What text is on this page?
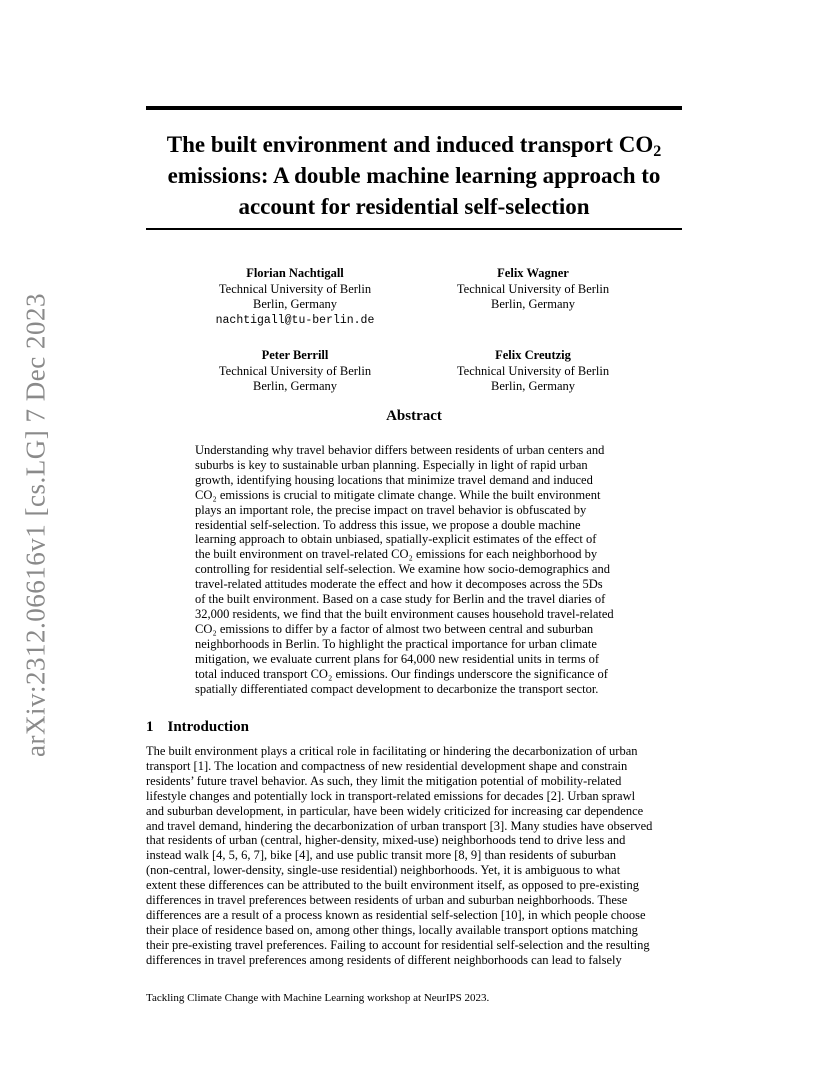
arXiv:2312.06616v1 [cs.LG] 7 Dec 2023
The built environment and induced transport $CO_2$
emissions: A double machine learning approach to
account for residential self-selection
Florian Nachtigall
Technical University of Berlin
Berlin, Germany
nachtigall@tu-berlin.de
Felix Wagner
Technical University of Berlin
Berlin, Germany
Peter Berrill
Technical University of Berlin
Berlin, Germany
Felix Creutzig
Technical University of Berlin
Berlin, Germany
Abstract
Understanding why travel behavior differs between residents of urban centers and
suburbs is key to sustainable urban planning. Especially in light of rapid urban
growth, identifying housing locations that minimize travel demand and induced
CO₂ emissions is crucial to mitigate climate change. While the built environment
plays an important role, the precise impact on travel behavior is obfuscated by
residential self-selection. To address this issue, we propose a double machine
learning approach to obtain unbiased, spatially-explicit estimates of the effect of
the built environment on travel-related CO₂ emissions for each neighborhood by
controlling for residential self-selection. We examine how socio-demographics and
travel-related attitudes moderate the effect and how it decomposes across the 5Ds
of the built environment. Based on a case study for Berlin and the travel diaries of
32,000 residents, we find that the built environment causes household travel-related
CO₂ emissions to differ by a factor of almost two between central and suburban
neighborhoods in Berlin. To highlight the practical importance for urban climate
mitigation, we evaluate current plans for 64,000 new residential units in terms of
total induced transport CO₂ emissions. Our findings underscore the significance of
spatially differentiated compact development to decarbonize the transport sector.
1 Introduction
The built environment plays a critical role in facilitating or hindering the decarbonization of urban
transport [1]. The location and compactness of new residential development shape and constrain
residents’ future travel behavior. As such, they limit the mitigation potential of mobility-related
lifestyle changes and potentially lock in transport-related emissions for decades [2]. Urban sprawl
and suburban development, in particular, have been widely criticized for increasing car dependence
and travel demand, hindering the decarbonization of urban transport [3]. Many studies have observed
that residents of urban (central, higher-density, mixed-use) neighborhoods tend to drive less and
instead walk [4, 5, 6, 7], bike [4], and use public transit more [8, 9] than residents of suburban
(non-central, lower-density, single-use residential) neighborhoods. Yet, it is ambiguous to what
extent these differences can be attributed to the built environment itself, as opposed to pre-existing
differences in travel preferences between residents of urban and suburban neighborhoods. These
differences are a result of a process known as residential self-selection [10], in which people choose
their place of residence based on, among other things, locally available transport options matching
their pre-existing travel preferences. Failing to account for residential self-selection and the resulting
differences in travel preferences among residents of different neighborhoods can lead to falsely
Tackling Climate Change with Machine Learning workshop at NeurIPS 2023.
